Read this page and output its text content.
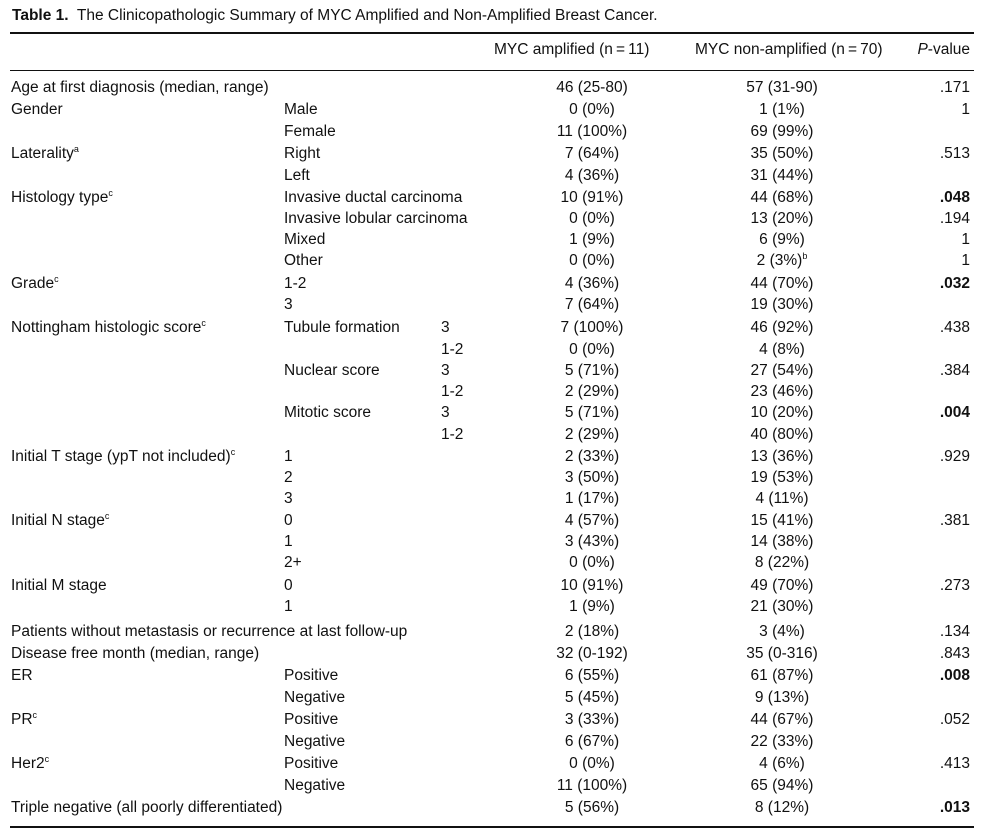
Table 1. The Clinicopathologic Summary of MYC Amplified and Non-Amplified Breast Cancer.
MYC amplified (n = 11)	MYC non-amplified (n = 70) P-value
Age at first diagnosis (median, range)	46 (25-80)	57 (31-90)	.171
Gender	Male	0 (0%)	1 (1%)	1
Female	11 (100%)	69 (99%)
Laterality$^a$	Right	7 (64%)	35 (50%)	.513
Left	4 (36%)	31 (44%)
Histology type$^c$	Invasive ductal carcinoma	10 (91%)	44 (68%)	.048
Invasive lobular carcinoma	0 (0%)	13 (20%)	.194
Mixed	1 (9%)	6 (9%)	1
Other	0 (0%)	2 $(3\%)^b$	1
Grade$^c$	1-2	4 (36%)	44 (70%)	.032
3	7 (64%)	19 (30%)
Nottingham histologic score$^c$	Tubule formation	3	7 (100%)	46 (92%)	.438
1-2	0 (0%)	4 (8%)
Nuclear score	3	5 (71%)	27 (54%)	.384
1-2	2 (29%)	23 (46%)
Mitotic score	3	5 (71%)	10 (20%)	.004
1-2	2 (29%)	40 (80%)
Initial T stage (ypT not included)$^c$	1	2 (33%)	13 (36%)	.929
2	3 (50%)	19 (53%)
3	1 (17%)	4 (11%)
Initial N stage$^c$	0	4 (57%)	15 (41%)	.381
1	3 (43%)	14 (38%)
2+	0 (0%)	8 (22%)
Initial M stage	0	10 (91%)	49 (70%)	.273
1	1 (9%)	21 (30%)
Patients without metastasis or recurrence at last follow-up	2 (18%)	3 (4%)	.134
Disease free month (median, range)	32 (0-192)	35 (0-316)	.843
ER	Positive	6 (55%)	61 (87%)	.008
Negative	5 (45%)	9 (13%)
$PR^c$	Positive	3 (33%)	44 (67%)	.052
Negative	6 (67%)	22 (33%)
Her2$^c$	Positive	0 (0%)	4 (6%)	.413
Negative	11 (100%)	65 (94%)
Triple negative (all poorly differentiated)	5 (56%)	8 (12%)	.013
